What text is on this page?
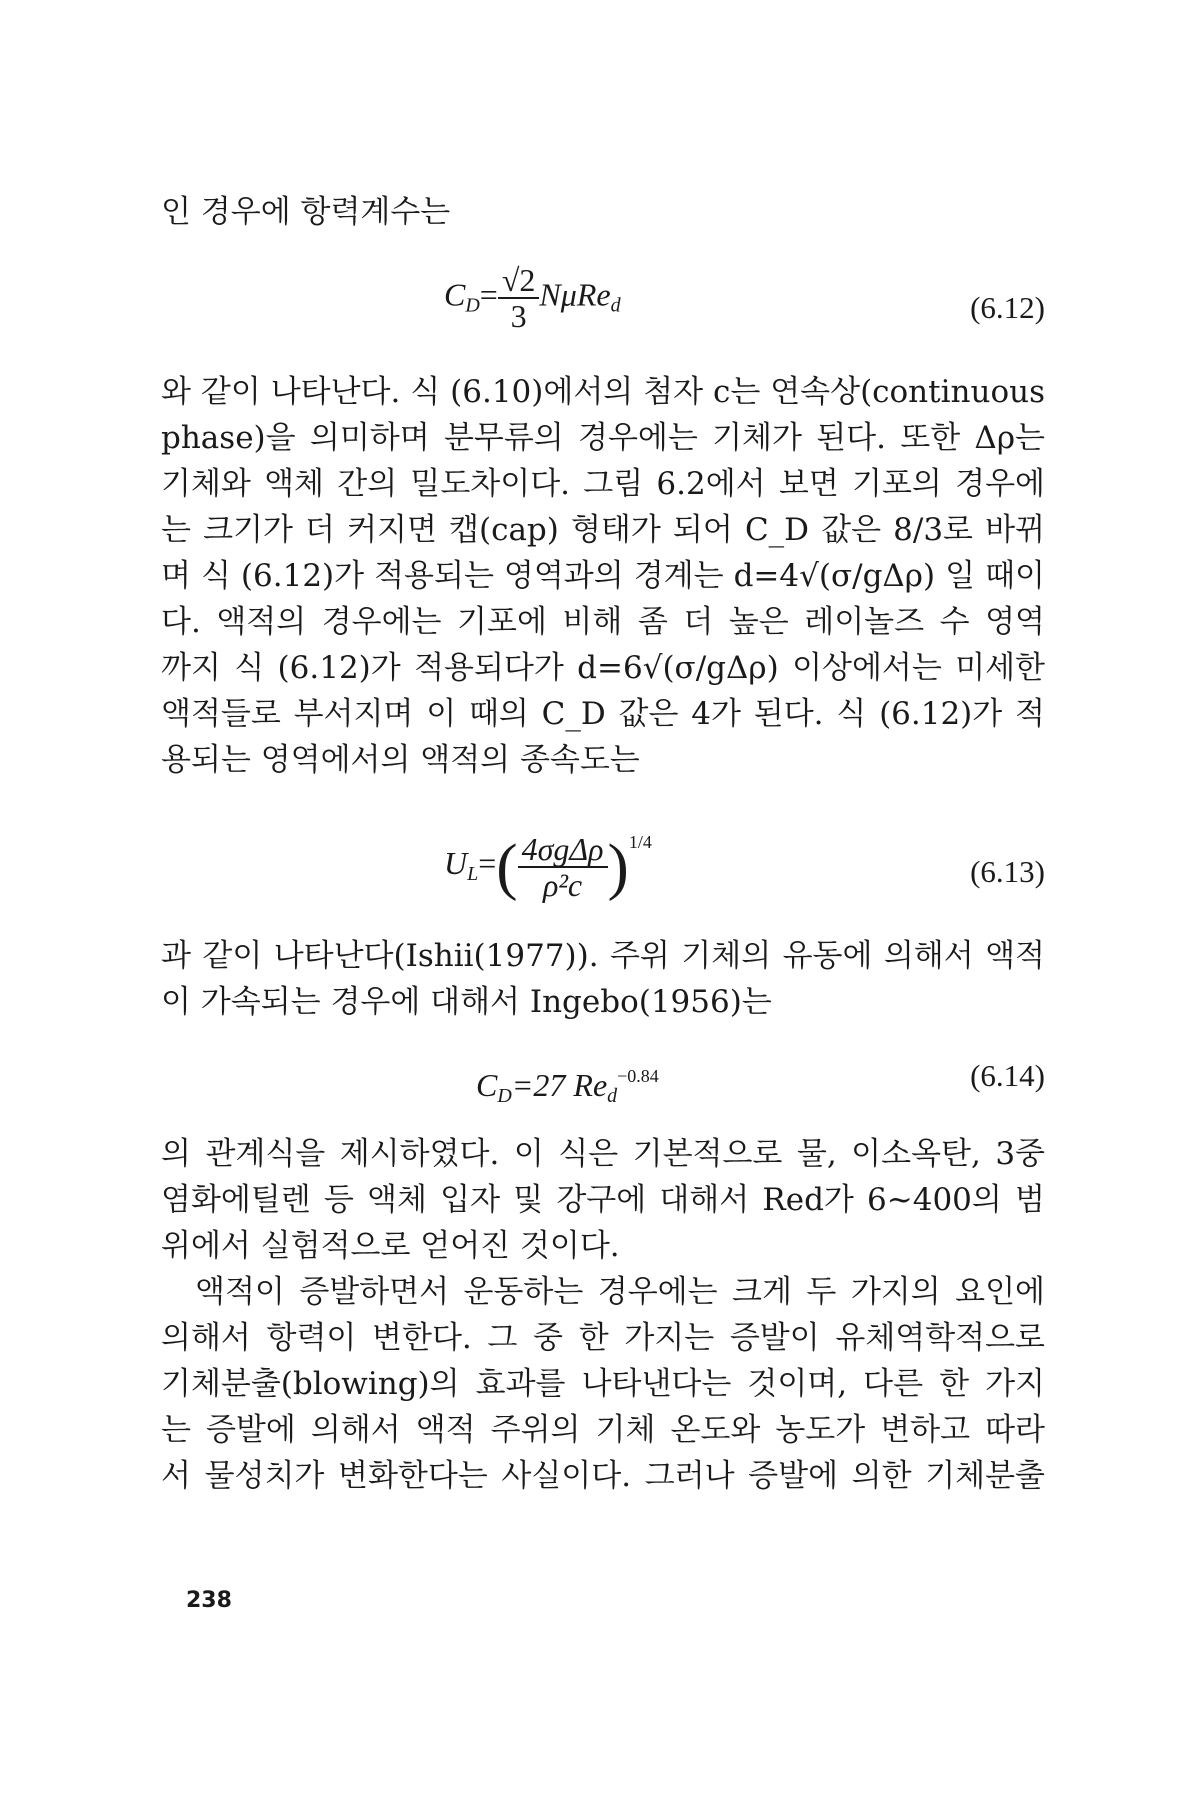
인 경우에 항력계수는
$C_D= \frac{√2}{3} N\mu Re_d$	(6.12)
와 같이 나타난다. 식 (6.10)에서의 첨자 c는 연속상(continuous
phase)을 의미하며 분무류의 경우에는 기체가 된다. 또한 Δρ는
기체와 액체 간의 밀도차이다. 그림 6.2에서 보면 기포의 경우에
는 크기가 더 커지면 캡(cap) 형태가 되어 C_D 값은 8/3로 바뀌
며 식 (6.12)가 적용되는 영역과의 경계는 d=4√(σ/gΔρ) 일 때이
다. 액적의 경우에는 기포에 비해 좀 더 높은 레이놀즈 수 영역
까지 식 (6.12)가 적용되다가 d=6√(σ/gΔρ) 이상에서는 미세한
액적들로 부서지며 이 때의 C_D 값은 4가 된다. 식 (6.12)가 적
용되는 영역에서의 액적의 종속도는
$U_L=( \frac{\text{4σgΔρ}}{\text{ρ²c}} )^{1/4}$
(6.13)
과 같이 나타난다(Ishii(1977)). 주위 기체의 유동에 의해서 액적
이 가속되는 경우에 대해서 Ingebo(1956)는
$C_D=27$ $Re_d^{-0.84}$	(6.14)
의 관계식을 제시하였다. 이 식은 기본적으로 물, 이소옥탄, 3중
염화에틸렌 등 액체 입자 및 강구에 대해서 Red가 6~400의 범
위에서 실험적으로 얻어진 것이다.
액적이 증발하면서 운동하는 경우에는 크게 두 가지의 요인에
의해서 항력이 변한다. 그 중 한 가지는 증발이 유체역학적으로
기체분출(blowing)의 효과를 나타낸다는 것이며, 다른 한 가지
는 증발에 의해서 액적 주위의 기체 온도와 농도가 변하고 따라
서 물성치가 변화한다는 사실이다. 그러나 증발에 의한 기체분출
238
